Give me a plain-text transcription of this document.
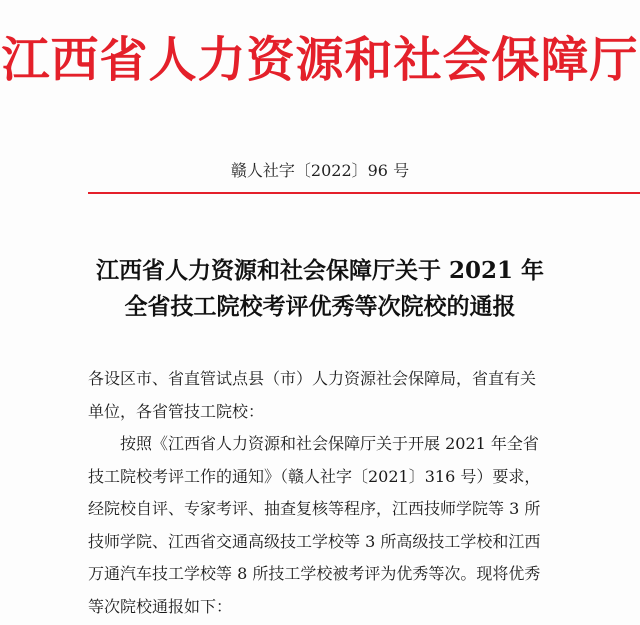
江西省人力资源和社会保障厅
赣人社字〔2022〕96 号
江西省人力资源和社会保障厅关于 2021 年
全省技工院校考评优秀等次院校的通报
各设区市、省直管试点县（市）人力资源社会保障局，省直有关
单位，各省管技工院校：
按照《江西省人力资源和社会保障厅关于开展 2021 年全省
技工院校考评工作的通知》（赣人社字〔2021〕316 号）要求，
经院校自评、专家考评、抽查复核等程序，江西技师学院等 3 所
技师学院、江西省交通高级技工学校等 3 所高级技工学校和江西
万通汽车技工学校等 8 所技工学校被考评为优秀等次。现将优秀
等次院校通报如下：
